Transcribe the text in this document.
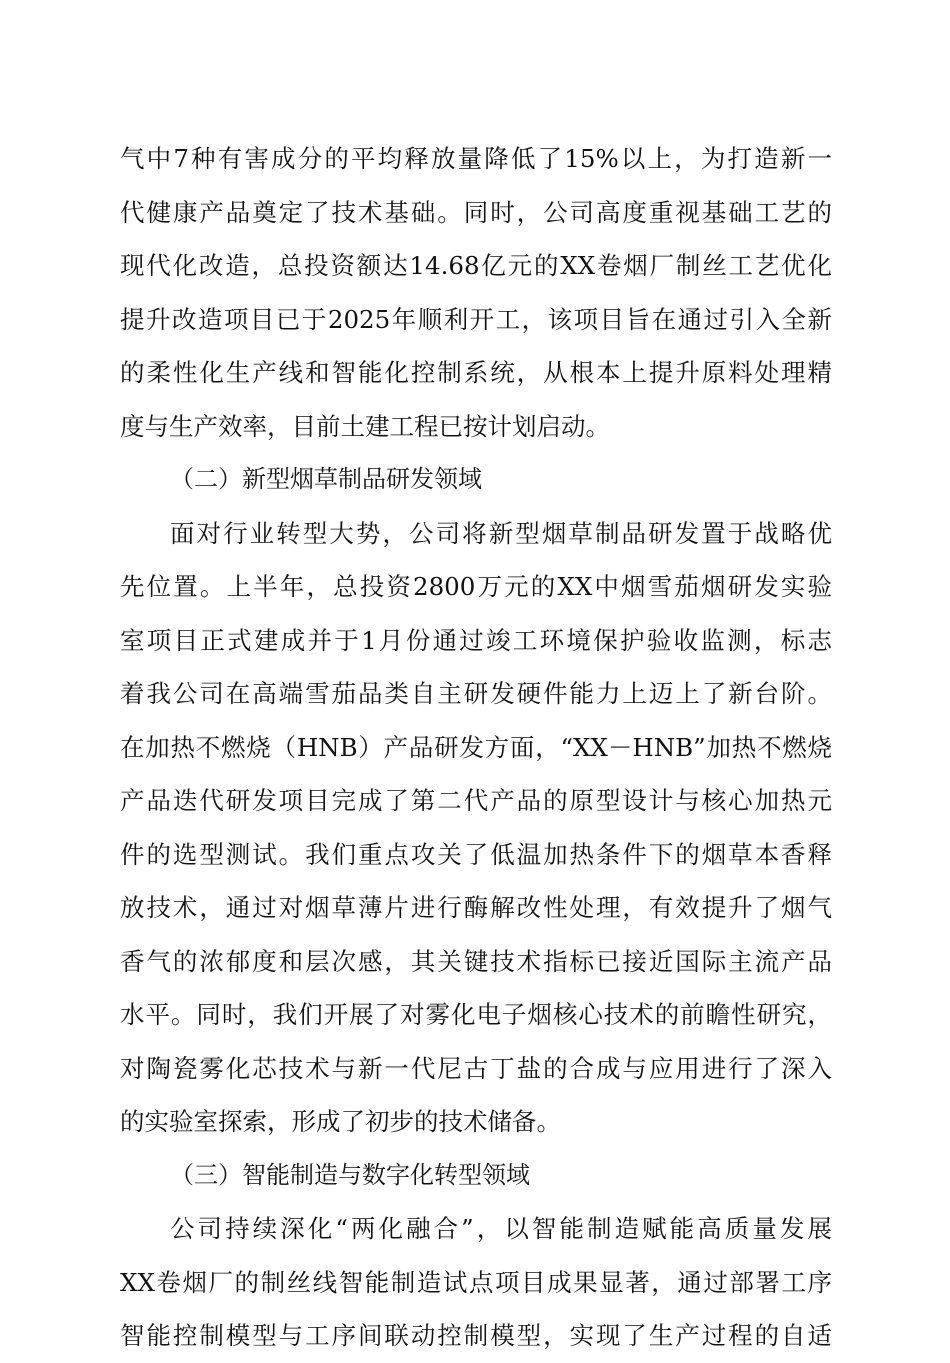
气中7种有害成分的平均释放量降低了15%以上，为打造新一
代健康产品奠定了技术基础。同时，公司高度重视基础工艺的
现代化改造，总投资额达14.68亿元的XX卷烟厂制丝工艺优化
提升改造项目已于2025年顺利开工，该项目旨在通过引入全新
的柔性化生产线和智能化控制系统，从根本上提升原料处理精
度与生产效率，目前土建工程已按计划启动。
（二）新型烟草制品研发领域
面对行业转型大势，公司将新型烟草制品研发置于战略优
先位置。上半年，总投资2800万元的XX中烟雪茄烟研发实验
室项目正式建成并于1月份通过竣工环境保护验收监测，标志
着我公司在高端雪茄品类自主研发硬件能力上迈上了新台阶。
在加热不燃烧（HNB）产品研发方面，“XX－HNB”加热不燃烧
产品迭代研发项目完成了第二代产品的原型设计与核心加热元
件的选型测试。我们重点攻关了低温加热条件下的烟草本香释
放技术，通过对烟草薄片进行酶解改性处理，有效提升了烟气
香气的浓郁度和层次感，其关键技术指标已接近国际主流产品
水平。同时，我们开展了对雾化电子烟核心技术的前瞻性研究，
对陶瓷雾化芯技术与新一代尼古丁盐的合成与应用进行了深入
的实验室探索，形成了初步的技术储备。
（三）智能制造与数字化转型领域
公司持续深化“两化融合”，以智能制造赋能高质量发展
XX卷烟厂的制丝线智能制造试点项目成果显著，通过部署工序
智能控制模型与工序间联动控制模型，实现了生产过程的自适
